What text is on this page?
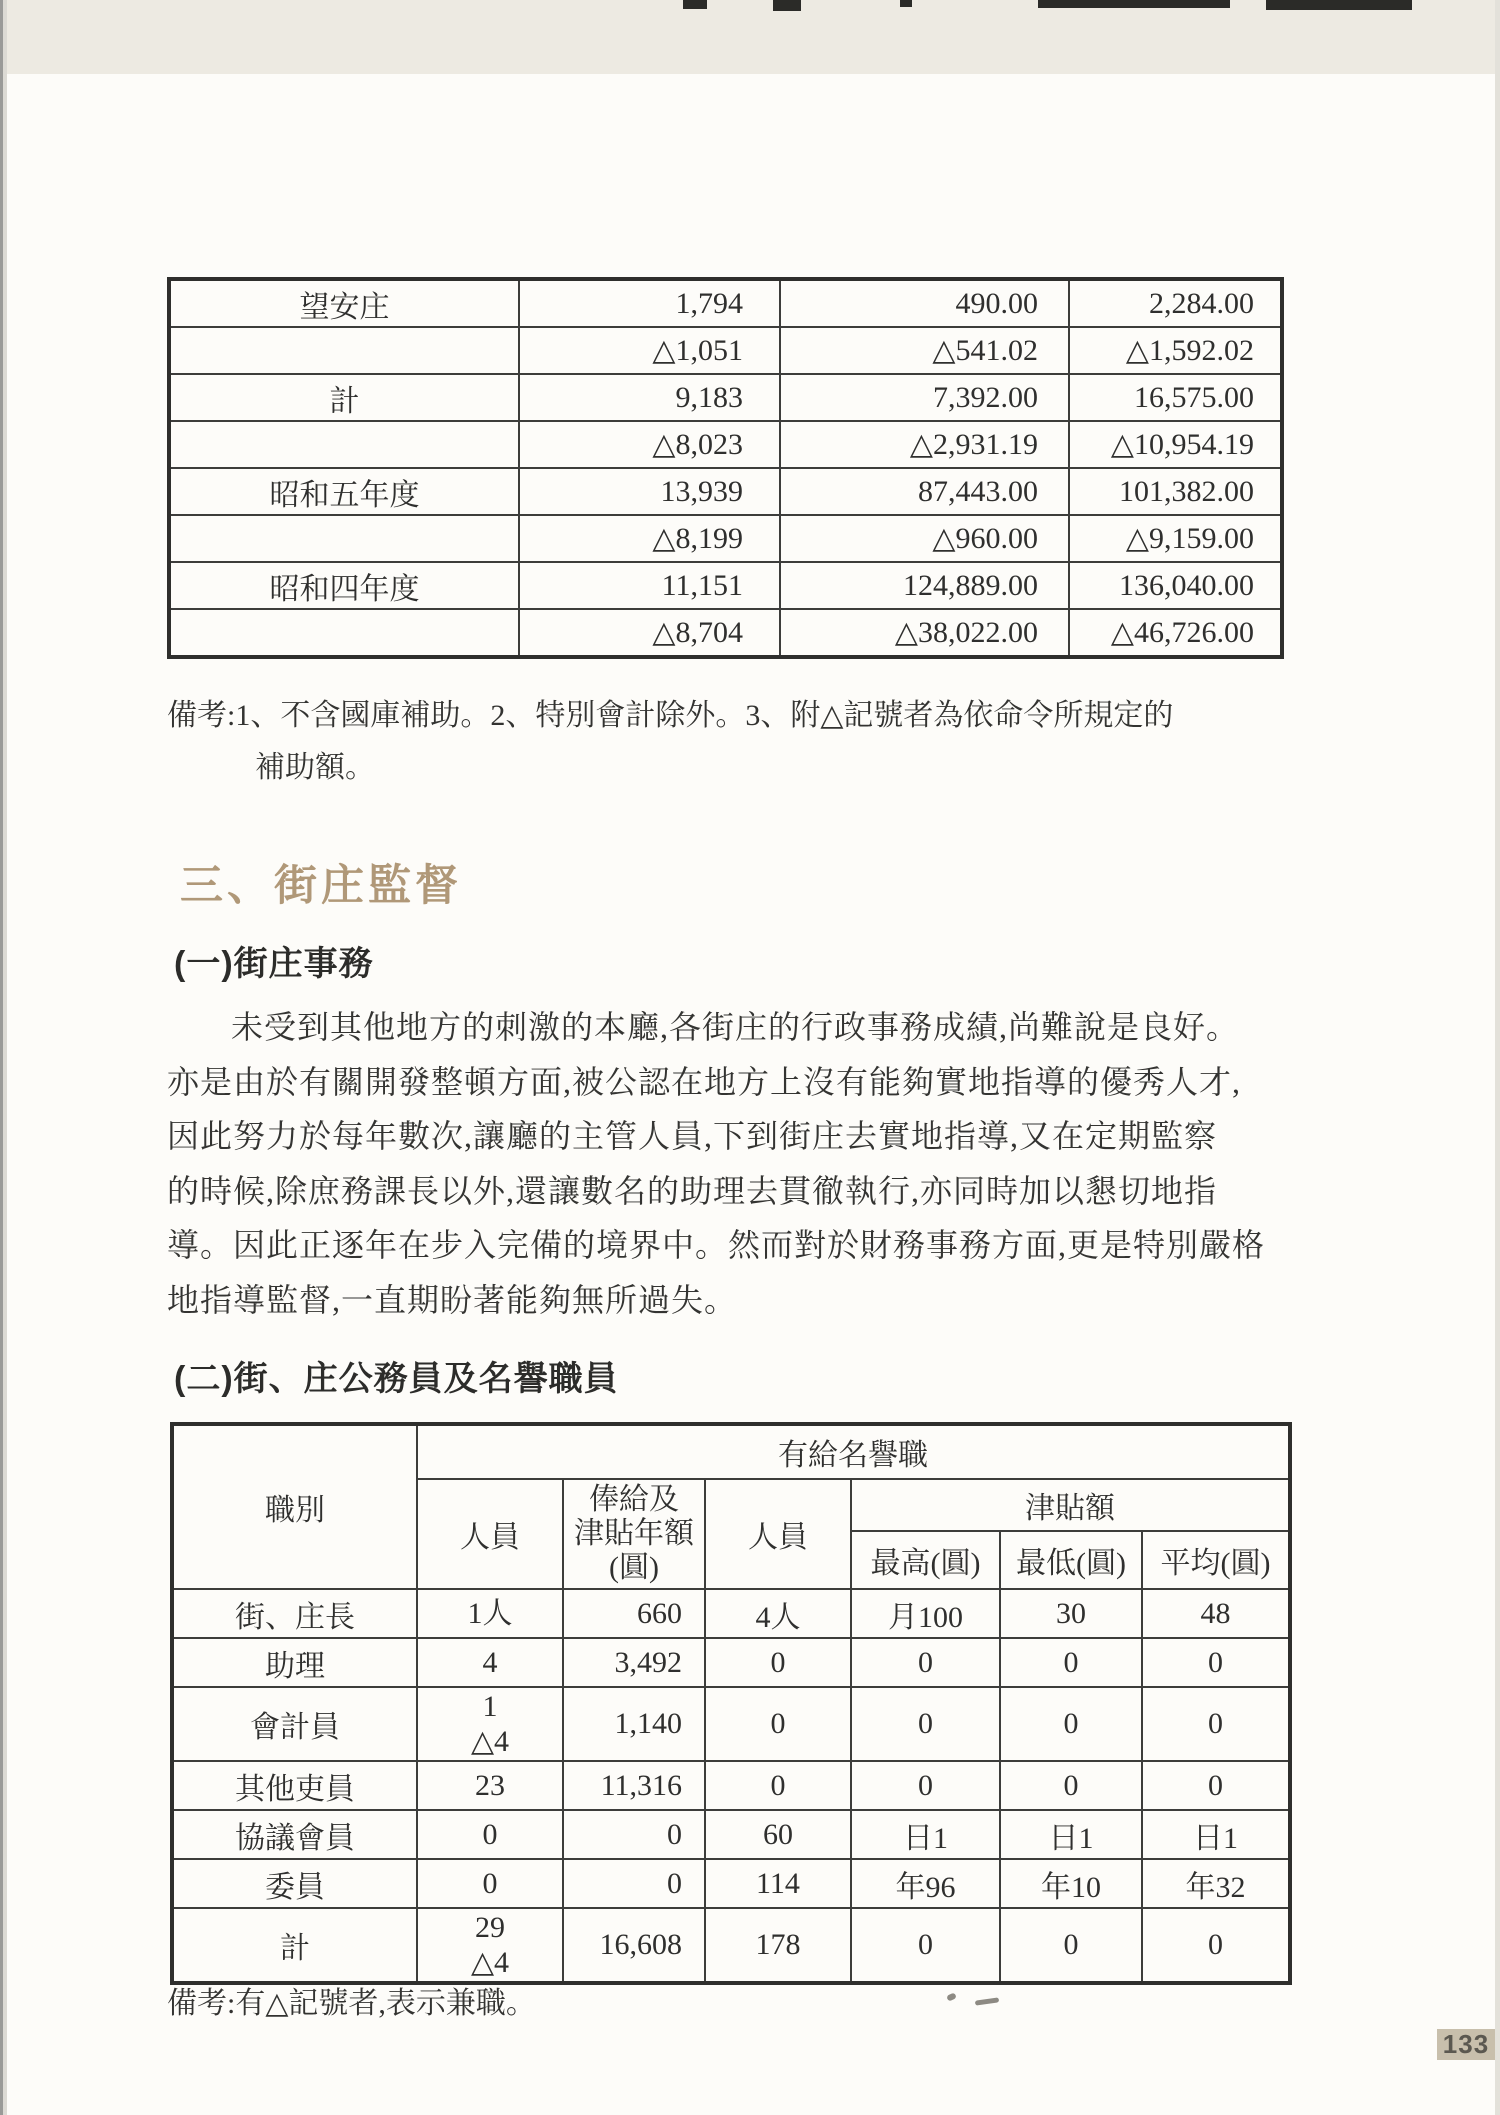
望安庄	1,794	490.00	2,284.00
	△1,051	△541.02	△1,592.02
計	9,183	7,392.00	16,575.00
	△8,023	△2,931.19	△10,954.19
昭和五年度	13,939	87,443.00	101,382.00
	△8,199	△960.00	△9,159.00
昭和四年度	11,151	124,889.00	136,040.00
	△8,704	△38,022.00	△46,726.00
備考:1、不含國庫補助。2、特別會計除外。3、附△記號者為依命令所規定的
補助額。
三、街庄監督
(一)街庄事務
未受到其他地方的刺激的本廳,各街庄的行政事務成績,尚難說是良好。
亦是由於有關開發整頓方面,被公認在地方上沒有能夠實地指導的優秀人才,
因此努力於每年數次,讓廳的主管人員,下到街庄去實地指導,又在定期監察
的時候,除庶務課長以外,還讓數名的助理去貫徹執行,亦同時加以懇切地指
導。因此正逐年在步入完備的境界中。然而對於財務事務方面,更是特別嚴格
地指導監督,一直期盼著能夠無所過失。
(二)街、庄公務員及名譽職員
職別	有給名譽職					
	人員	俸給及
津貼年額
(圓)	人員	津貼額		
				最高(圓)	最低(圓)	平均(圓)
街、庄長	1人	660	4人	月100	30	48
助理	4	3,492	0	0	0	0
會計員	1
△4	1,140	0	0	0	0
其他吏員	23	11,316	0	0	0	0
協議會員	0	0	60	日1	日1	日1
委員	0	0	114	年96	年10	年32
計	29
△4	16,608	178	0	0	0
備考:有△記號者,表示兼職。
133
